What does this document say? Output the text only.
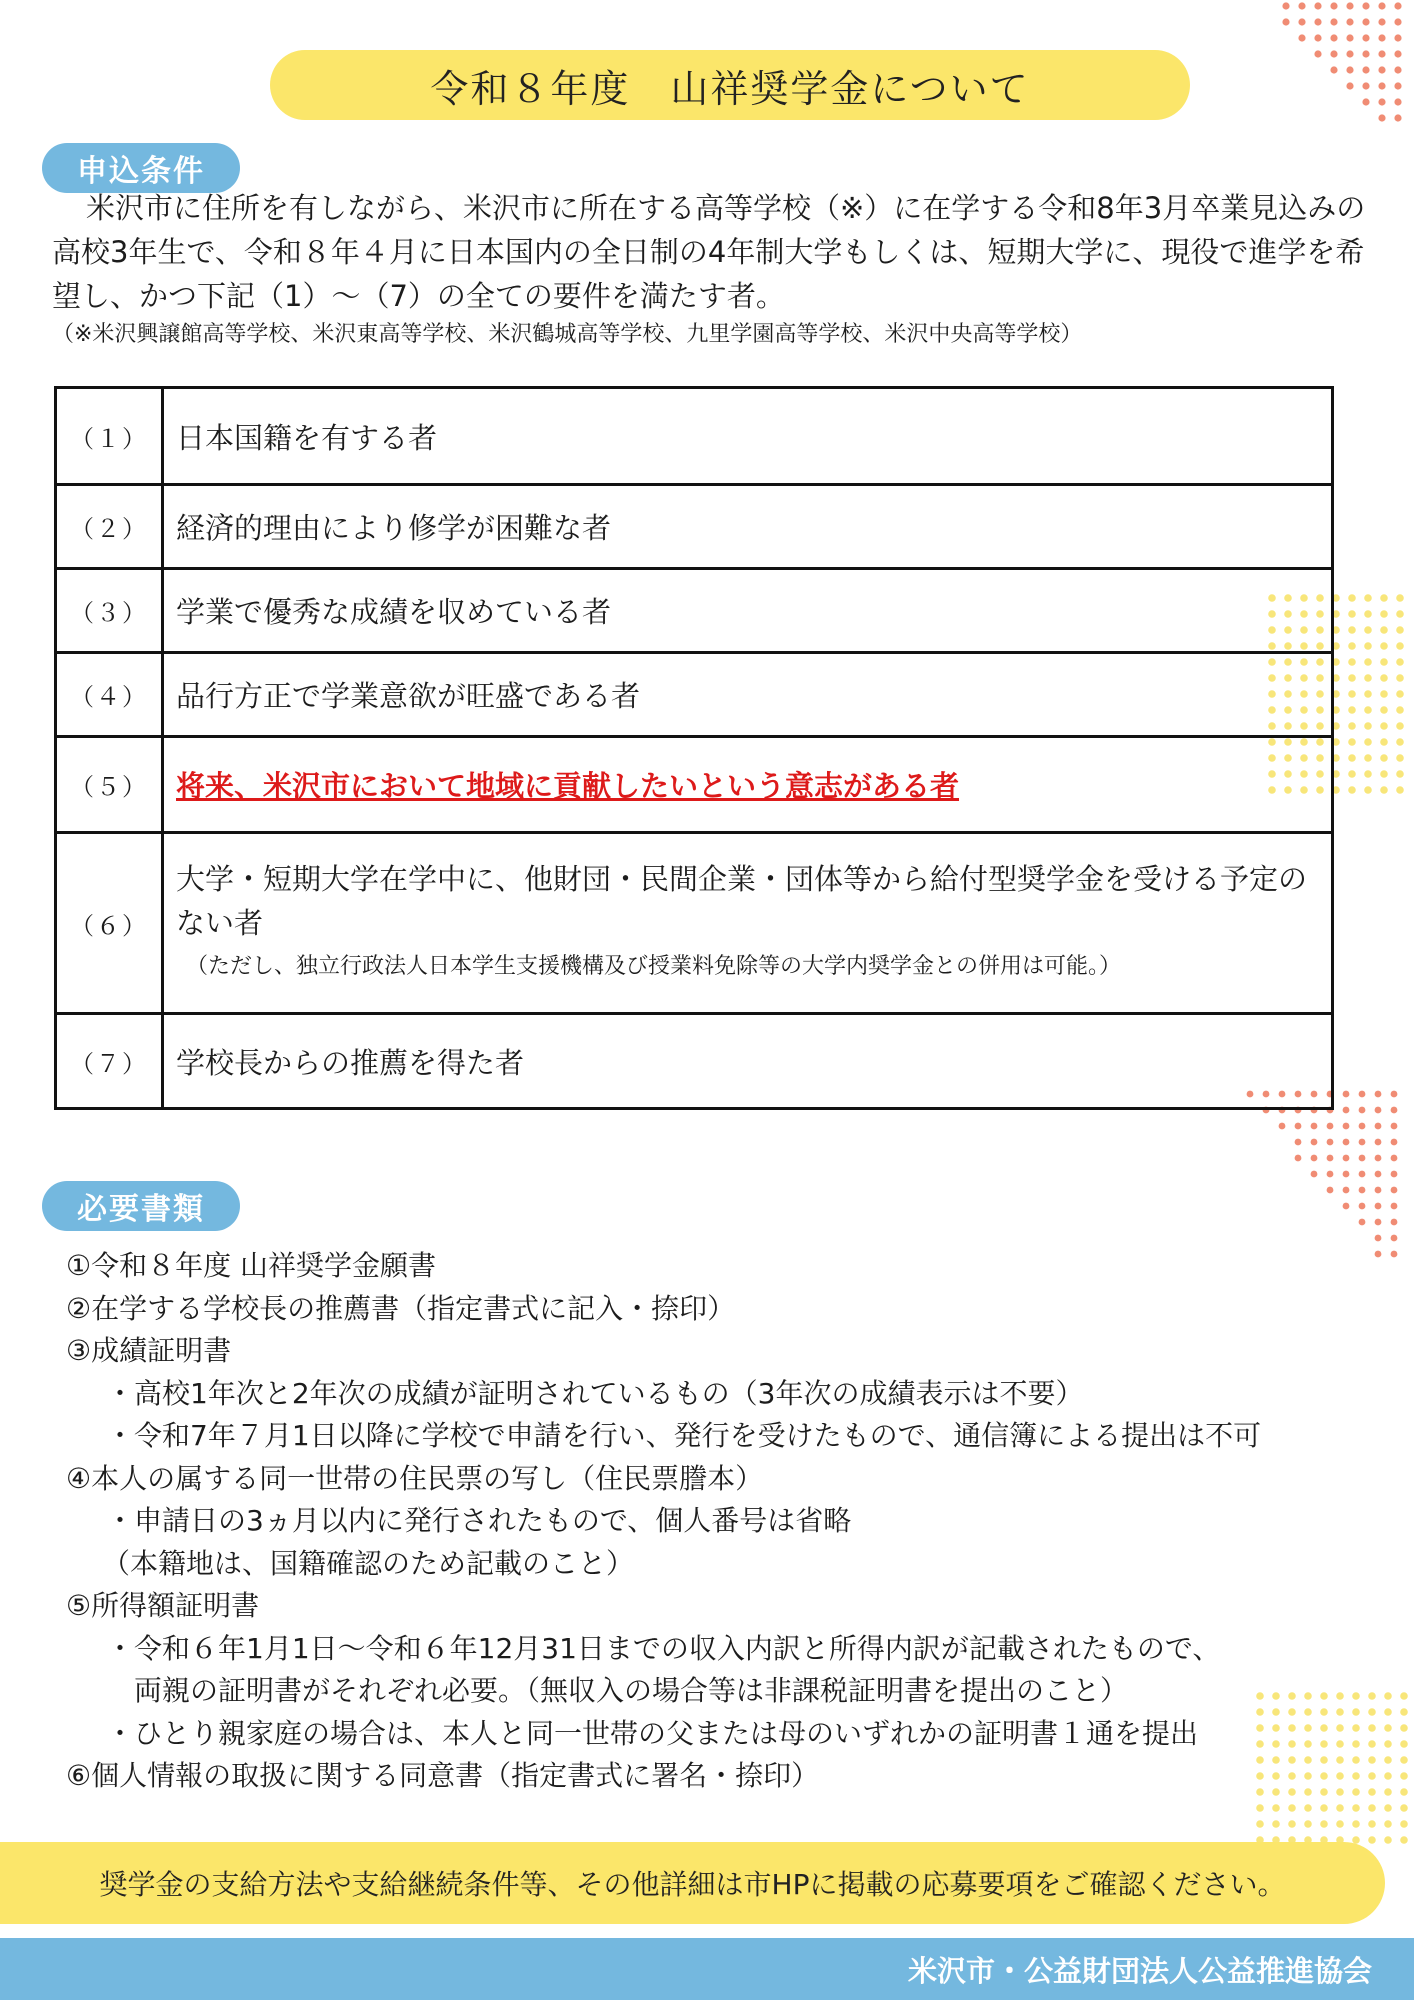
令和８年度　山祥奨学金について
申込条件

米沢市に住所を有しながら、米沢市に所在する高等学校（※）に在学する令和8年3月卒業見込みの高校3年生で、令和８年４月に日本国内の全日制の4年制大学もしくは、短期大学に、現役で進学を希望し、かつ下記（1）～（7）の全ての要件を満たす者。

（※米沢興譲館高等学校、米沢東高等学校、米沢鶴城高等学校、九里学園高等学校、米沢中央高等学校）

（１）	日本国籍を有する者
（２）	経済的理由により修学が困難な者
（３）	学業で優秀な成績を収めている者
（４）	品行方正で学業意欲が旺盛である者
（５）	将来、米沢市において地域に貢献したいという意志がある者
（６）	大学・短期大学在学中に、他財団・民間企業・団体等から給付型奨学金を受ける予定のない者
（ただし、独立行政法人日本学生支援機構及び授業料免除等の大学内奨学金との併用は可能。）

（７）	学校長からの推薦を得た者
必要書類
①令和８年度 山祥奨学金願書
②在学する学校長の推薦書（指定書式に記入・捺印）
③成績証明書
・高校1年次と2年次の成績が証明されているもの（3年次の成績表示は不要）
・令和7年７月1日以降に学校で申請を行い、発行を受けたもので、通信簿による提出は不可
④本人の属する同一世帯の住民票の写し（住民票謄本）
・申請日の3ヵ月以内に発行されたもので、個人番号は省略
（本籍地は、国籍確認のため記載のこと）
⑤所得額証明書
・令和６年1月1日～令和６年12月31日までの収入内訳と所得内訳が記載されたもので、
両親の証明書がそれぞれ必要。（無収入の場合等は非課税証明書を提出のこと）
・ひとり親家庭の場合は、本人と同一世帯の父または母のいずれかの証明書１通を提出
⑥個人情報の取扱に関する同意書（指定書式に署名・捺印）
奨学金の支給方法や支給継続条件等、その他詳細は市HPに掲載の応募要項をご確認ください。
米沢市・公益財団法人公益推進協会
